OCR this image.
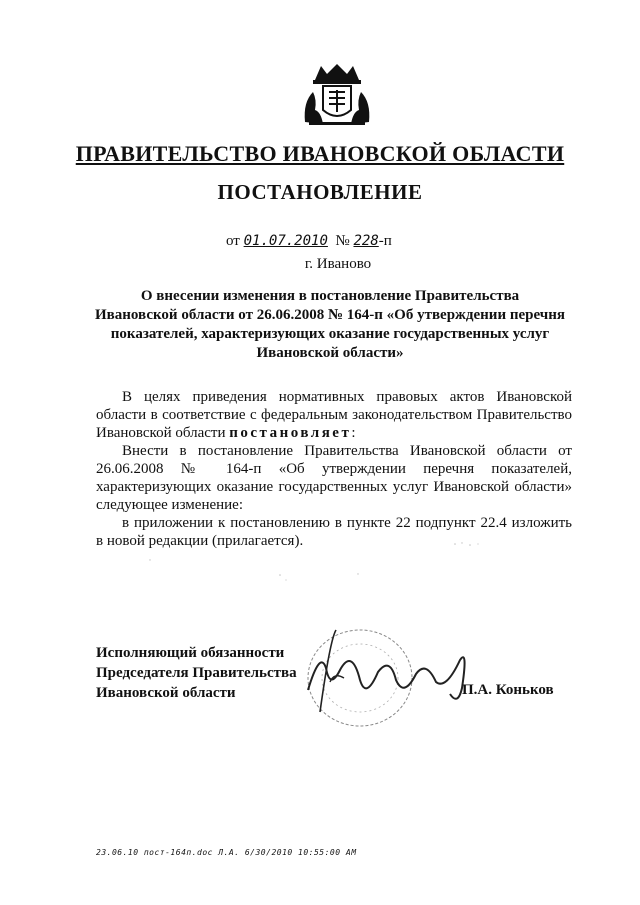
ПРАВИТЕЛЬСТВО ИВАНОВСКОЙ ОБЛАСТИ
ПОСТАНОВЛЕНИЕ
от 01.07.2010 № 228-п
г. Иваново
О внесении изменения в постановление Правительства
Ивановской области от 26.06.2008 № 164-п «Об утверждении перечня
показателей, характеризующих оказание государственных услуг
Ивановской области»

В целях приведения нормативных правовых актов Ивановской области в соответствие с федеральным законодательством Правительство Ивановской области постановляет:

Внести в постановление Правительства Ивановской области от 26.06.2008 № 164-п «Об утверждении перечня показателей, характеризующих оказание государственных услуг Ивановской области» следующее изменение:

в приложении к постановлению в пункте 22 подпункт 22.4 изложить в новой редакции (прилагается).

Исполняющий обязанности
Председателя Правительства
Ивановской области	П.А. Коньков
23.06.10 пост-164п.doc Л.А. 6/30/2010 10:55:00 AM
